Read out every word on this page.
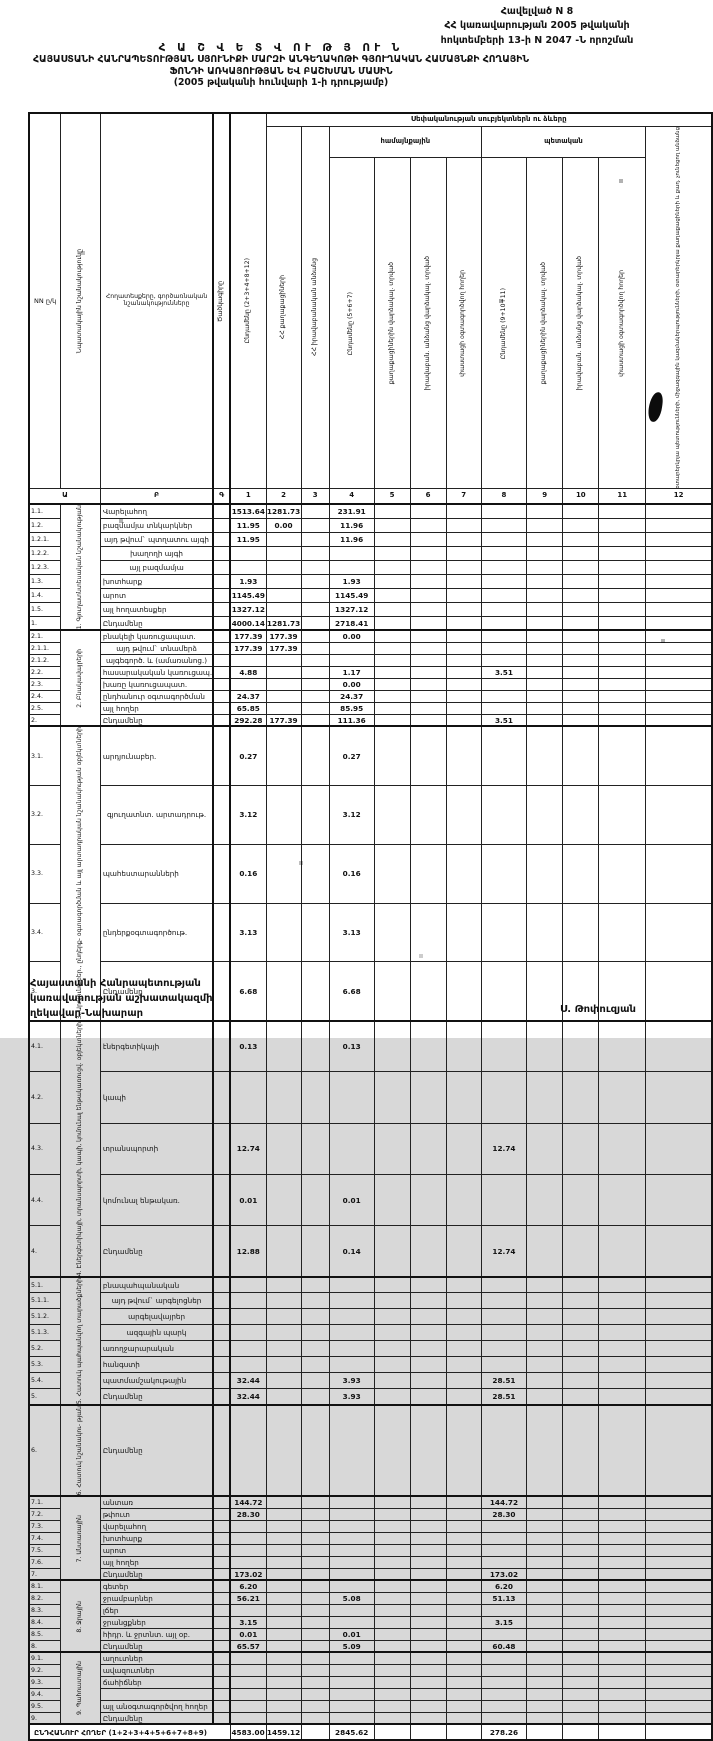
Հավելված N 8
ՀՀ կառավարության 2005 թվականի
հոկտեմբերի 13-ի N 2047 -Ն որոշման
Հ Ա Շ Վ Ե Տ Վ ՈՒ Թ Յ ՈՒ Ն
ՀԱՅԱՍՏԱՆԻ ՀԱՆՐԱՊԵՏՈՒԹՅԱՆ ՍՅՈՒՆԻՔԻ ՄԱՐԶԻ ԱՆԳԵՂԱԿՈԹԻ ԳՅՈՒՂԱԿԱՆ ՀԱՄԱՅՆՔԻ ՀՈՂԱՅԻՆ
ՖՈՆԴԻ ԱՌԿԱՅՈՒԹՅԱՆ ԵՎ ԲԱՇԽՄԱՆ ՄԱՍԻՆ
(2005 թվականի հունվարի 1-ի դրությամբ)
NN ը/կ	Նպատակային նշանակությունը	Հողատեսքերը, գործառնական նշանակությունները	Ծածկագիրը	Ընդամենը (2+3+4+8+12)	Սեփականության սուբյեկտներն ու ձևերը										

					ՀՀ քաղաքացիների	ՀՀ իրավաբանական անձանց	համայնքային				պետական				օտարերկրյա պետությունների, միջազգային կազմակերպությունների, օտարերկրյա քաղաքացիների և քաղ. չունեցող անձանց

							Ընդամենը (5+6+7)	քաղաքացիներին վարձակալ. տրված	իրավաբան. անձանց վարձակալ. տրված	փաստացի օգտագործվող հողեր	Ընդամենը (9+10+11)	քաղաքացիներին վարձակալ. տրված	իրավաբան. անձանց վարձակալ. տրված	փաստացի օգտագործվող հողեր	

Ա		Բ	Գ	1	2	3	4	5	6	7	8	9	10	11	12
1.1.	1. Գյուղատնտեսական նշանակության	Վարելահող		1513.64	1281.73		231.91								
1.2.		բազմամյա տնկարկներ		11.95	0.00		11.96								
1.2.1.		այդ թվում` պտղատու այգի		11.95			11.96								
1.2.2.		խաղողի այգի													
1.2.3.		այլ բազմամյա													
1.3.		խոտհարք		1.93			1.93								
1.4.		արոտ		1145.49			1145.49								
1.5.		այլ հողատեսքեր		1327.12			1327.12								
1.		Ընդամենը		4000.14	1281.73		2718.41								
2.1.	2. Բնակավայրերի	բնակելի կառուցապատ.		177.39	177.39		0.00								
2.1.1.		այդ թվում` տնամերձ		177.39	177.39										
2.1.2.		այգեգործ. և (ամառանոց.)													
2.2.		հասարակական կառուցապ.		4.88			1.17				3.51				
2.3.		խառը կառուցապատ.					0.00								
2.4.		ընդհանուր օգտագործման		24.37			24.37								
2.5.		այլ հողեր		65.85			85.95								
2.		Ընդամենը		292.28	177.39		111.36				3.51				
3.1.	3. Արդյունաբեր., ընդերք- օգտագործման և այլ արտադրական նշանակության օբյեկտների	արդյունաբեր.		0.27			0.27								
3.2.		գյուղատնտ. արտադրութ.		3.12			3.12								
3.3.		պահեստարանների		0.16			0.16								
3.4.		ընդերքօգտագործութ.		3.13			3.13								
3.		Ընդամենը		6.68			6.68								
4.1.	4. Էներգետիկայի, տրանսպորտի, կապի, կոմունալ ենթակառուցվ. օբյեկտների	էներգետիկայի		0.13			0.13								
4.2.		կապի													
4.3.		տրանսպորտի		12.74							12.74				
4.4.		կոմունալ ենթակառ.		0.01			0.01								
4.		Ընդամենը		12.88			0.14				12.74				
5.1.	5. Հատուկ պահպանվող տարածքների	բնապահպանական													
5.1.1.		այդ թվում` արգելոցներ													
5.1.2.		արգելավայրեր													
5.1.3.		ազգային պարկ													
5.2.		առողջարարական													
5.3.		հանգստի													
5.4.		պատմամշակութային		32.44			3.93				28.51				
5.		Ընդամենը		32.44			3.93				28.51				
6.	6. Հատուկ նշանակու- թյան	Ընդամենը													
7.1.	7. Անտառային	անտառ		144.72							144.72				
7.2.		թփուտ		28.30							28.30				
7.3.		վարելահող													
7.4.		խոտհարք													
7.5.		արոտ													
7.6.		այլ հողեր													
7.		Ընդամենը		173.02							173.02				
8.1.	8. Ջրային	գետեր		6.20							6.20				
8.2.		ջրամբարներ		56.21			5.08				51.13				
8.3.		լճեր													
8.4.		ջրանցքներ		3.15							3.15				
8.5.		հիդր. և ջրտնտ. այլ օբ.		0.01			0.01								
8.		Ընդամենը		65.57			5.09				60.48				
9.1.	9. Պահուստային	աղուտներ													
9.2.		ավազուտներ													
9.3.		ճահիճներ													
9.4.															
9.5.		այլ անօգտագործվող հողեր													
9.		Ընդամենը													
ԸՆԴՀԱՆՈՒՐ ՀՈՂԵՐ (1+2+3+4+5+6+7+8+9)				4583.00	1459.12		2845.62				278.26				
Հայաստանի Հանրապետության
կառավարության աշխատակազմի
ղեկավար-Նախարար	Ս. Թոփուզյան
